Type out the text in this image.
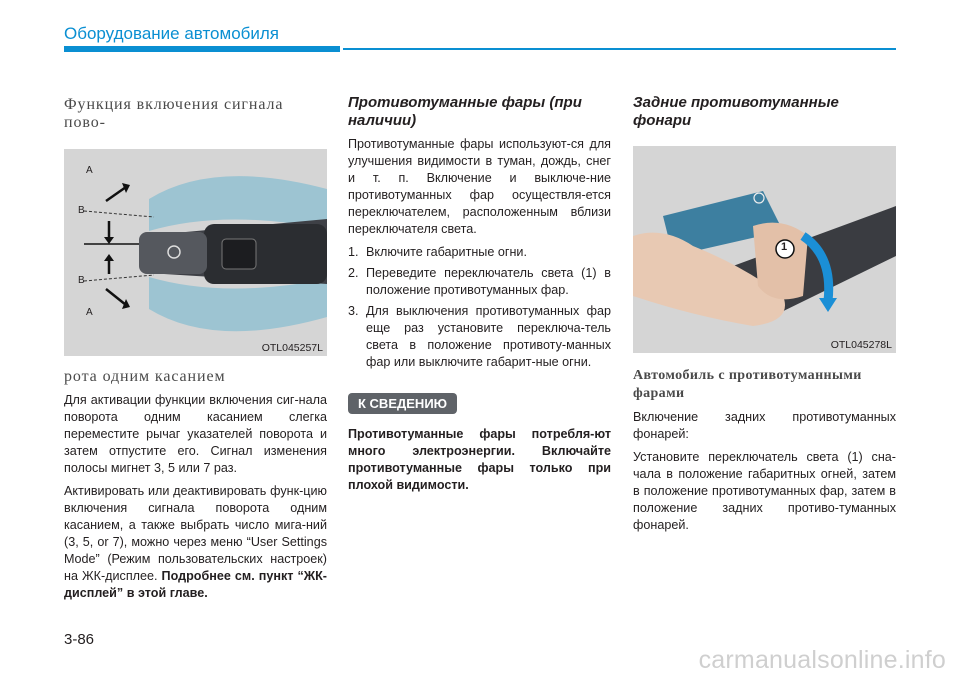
Оборудование автомобиля
Функция включения сигнала пово-
A
B
B
A
OTL045257L
рота одним касанием

Для активации функции включения сиг-нала поворота одним касанием слегка переместите рычаг указателей поворота и затем отпустите его. Сигнал изменения полосы мигнет 3, 5 или 7 раз.

Активировать или деактивировать функ-цию включения сигнала поворота одним касанием, а также выбрать число мига-ний (3, 5, or 7), можно через меню “User Settings Mode” (Режим пользовательских настроек) на ЖК-дисплее. Подробнее см. пункт “ЖК-дисплей” в этой главе.

Противотуманные фары (при наличии)

Противотуманные фары используют-ся для улучшения видимости в туман, дождь, снег и т. п. Включение и выключе-ние противотуманных фар осуществля-ется переключателем, расположенным вблизи переключателя света.

1. Включите габаритные огни.
2. Переведите переключатель света (1) в положение противотуманных фар.
3. Для выключения противотуманных фар еще раз установите переключа-тель света в положение противоту-манных фар или выключите габарит-ные огни.
К СВЕДЕНИЮ

Противотуманные фары потребля-ют много электроэнергии. Включайте противотуманные фары только при плохой видимости.

Задние противотуманные фонари
1
OTL045278L
Автомобиль с противотуманными фарами

Включение задних противотуманных фонарей:

Установите переключатель света (1) сна-чала в положение габаритных огней, затем в положение противотуманных фар, затем в положение задних противо-туманных фонарей.

3-86
carmanualsonline.info
